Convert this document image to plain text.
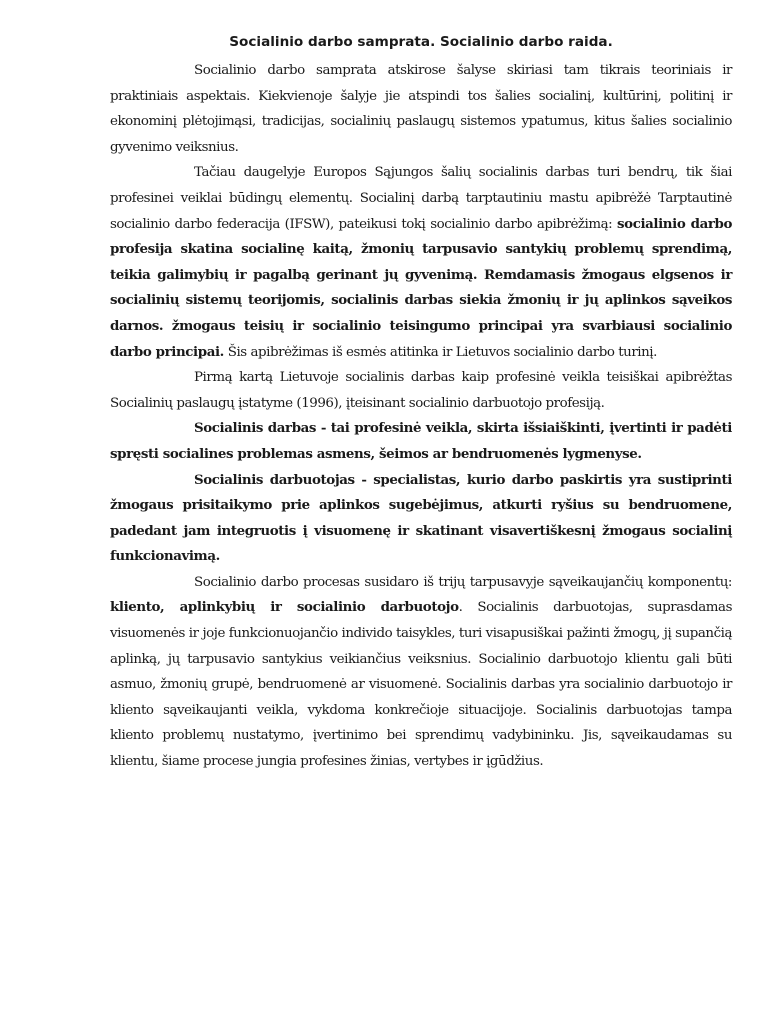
Socialinio darbo samprata. Socialinio darbo raida.

Socialinio darbo samprata atskirose šalyse skiriasi tam tikrais teoriniais ir praktiniais aspektais. Kiekvienoje šalyje jie atspindi tos šalies socialinį, kultūrinį, politinį ir ekonominį plėtojimąsi, tradicijas, socialinių paslaugų sistemos ypatumus, kitus šalies socialinio gyvenimo veiksnius.

Tačiau daugelyje Europos Sąjungos šalių socialinis darbas turi bendrų, tik šiai profesinei veiklai būdingų elementų. Socialinį darbą tarptautiniu mastu apibrėžė Tarptautinė socialinio darbo federacija (IFSW), pateikusi tokį socialinio darbo apibrėžimą: socialinio darbo profesija skatina socialinę kaitą, žmonių tarpusavio santykių problemų sprendimą, teikia galimybių ir pagalbą gerinant jų gyvenimą. Remdamasis žmogaus elgsenos ir socialinių sistemų teorijomis, socialinis darbas siekia žmonių ir jų aplinkos sąveikos darnos. žmogaus teisių ir socialinio teisingumo principai yra svarbiausi socialinio darbo principai. Šis apibrėžimas iš esmės atitinka ir Lietuvos socialinio darbo turinį.

Pirmą kartą Lietuvoje socialinis darbas kaip profesinė veikla teisiškai apibrėžtas Socialinių paslaugų įstatyme (1996), įteisinant socialinio darbuotojo profesiją.

Socialinis darbas - tai profesinė veikla, skirta išsiaiškinti, įvertinti ir padėti spręsti socialines problemas asmens, šeimos ar bendruomenės lygmenyse.

Socialinis darbuotojas - specialistas, kurio darbo paskirtis yra sustiprinti žmogaus prisitaikymo prie aplinkos sugebėjimus, atkurti ryšius su bendruomene, padedant jam integruotis į visuomenę ir skatinant visavertiškesnį žmogaus socialinį funkcionavimą.

Socialinio darbo procesas susidaro iš trijų tarpusavyje sąveikaujančių komponentų: kliento, aplinkybių ir socialinio darbuotojo. Socialinis darbuotojas, suprasdamas visuomenės ir joje funkcionuojančio individo taisykles, turi visapusiškai pažinti žmogų, jį supančią aplinką, jų tarpusavio santykius veikiančius veiksnius. Socialinio darbuotojo klientu gali būti asmuo, žmonių grupė, bendruomenė ar visuomenė. Socialinis darbas yra socialinio darbuotojo ir kliento sąveikaujanti veikla, vykdoma konkrečioje situacijoje. Socialinis darbuotojas tampa kliento problemų nustatymo, įvertinimo bei sprendimų vadybininku. Jis, sąveikaudamas su klientu, šiame procese jungia profesines žinias, vertybes ir įgūdžius.
